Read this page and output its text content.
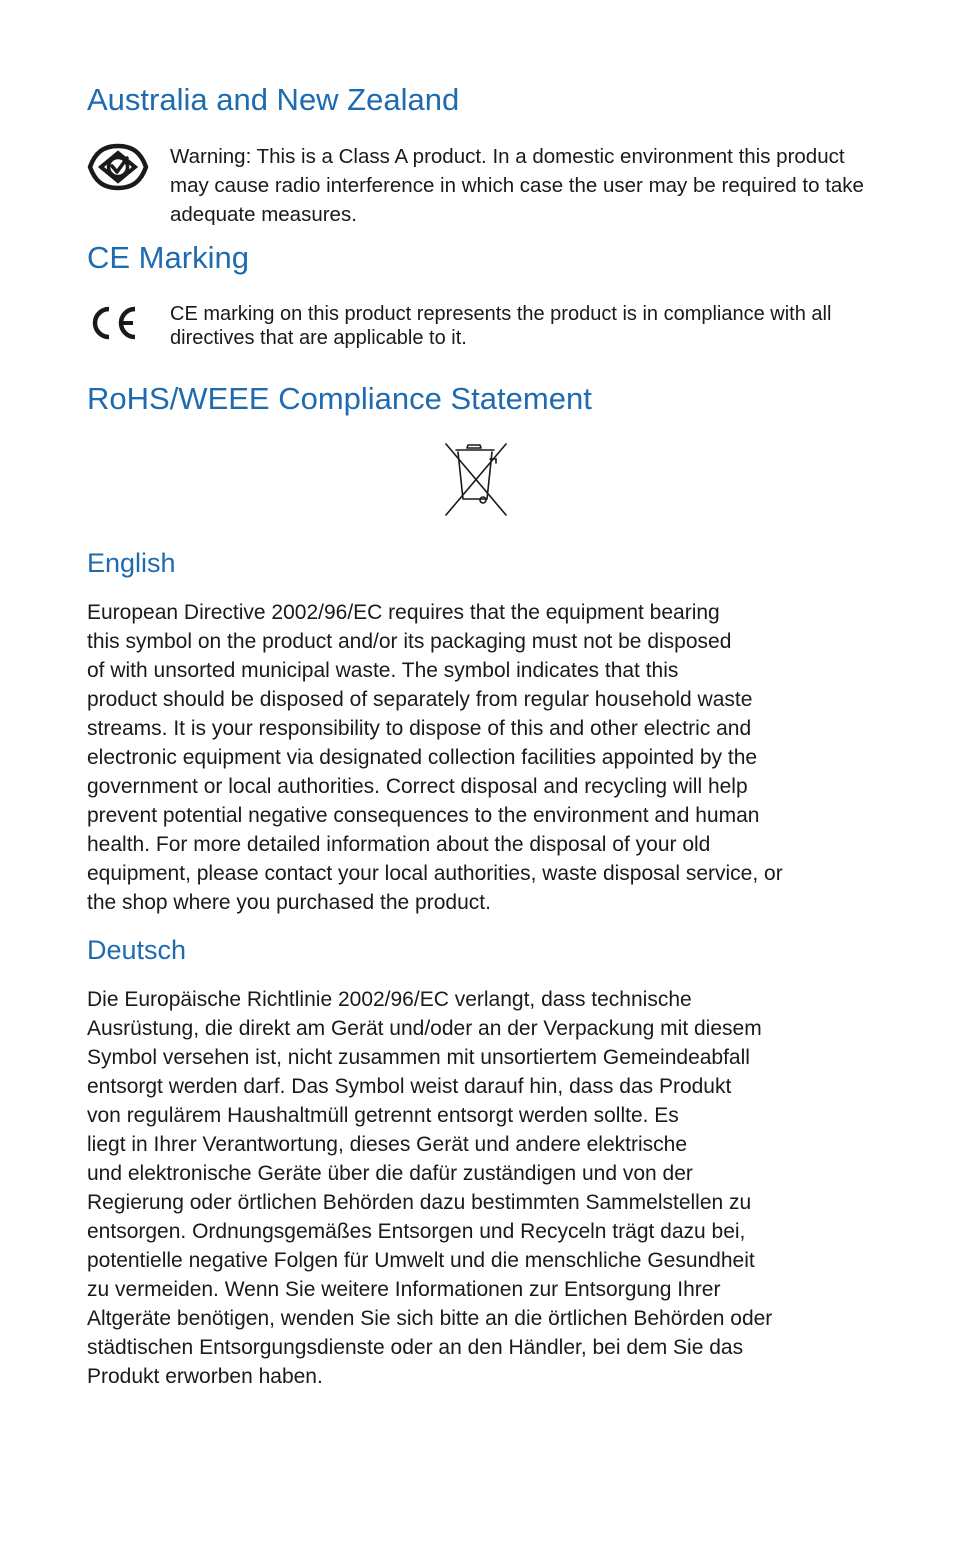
Australia and New Zealand

Warning: This is a Class A product. In a domestic environment this product may cause radio interference in which case the user may be required to take adequate measures.

CE Marking

CE marking on this product represents the product is in compliance with all directives that are applicable to it.

RoHS/WEEE Compliance Statement
English

European Directive 2002/96/EC requires that the equipment bearing
this symbol on the product and/or its packaging must not be disposed
of with unsorted municipal waste. The symbol indicates that this
product should be disposed of separately from regular household waste
streams. It is your responsibility to dispose of this and other electric and
electronic equipment via designated collection facilities appointed by the
government or local authorities. Correct disposal and recycling will help
prevent potential negative consequences to the environment and human
health. For more detailed information about the disposal of your old
equipment, please contact your local authorities, waste disposal service, or
the shop where you purchased the product.

Deutsch

Die Europäische Richtlinie 2002/96/EC verlangt, dass technische
Ausrüstung, die direkt am Gerät und/oder an der Verpackung mit diesem
Symbol versehen ist, nicht zusammen mit unsortiertem Gemeindeabfall
entsorgt werden darf. Das Symbol weist darauf hin, dass das Produkt
von regulärem Haushaltmüll getrennt entsorgt werden sollte. Es
liegt in Ihrer Verantwortung, dieses Gerät und andere elektrische
und elektronische Geräte über die dafür zuständigen und von der
Regierung oder örtlichen Behörden dazu bestimmten Sammelstellen zu
entsorgen. Ordnungsgemäßes Entsorgen und Recyceln trägt dazu bei,
potentielle negative Folgen für Umwelt und die menschliche Gesundheit
zu vermeiden. Wenn Sie weitere Informationen zur Entsorgung Ihrer
Altgeräte benötigen, wenden Sie sich bitte an die örtlichen Behörden oder
städtischen Entsorgungsdienste oder an den Händler, bei dem Sie das
Produkt erworben haben.
